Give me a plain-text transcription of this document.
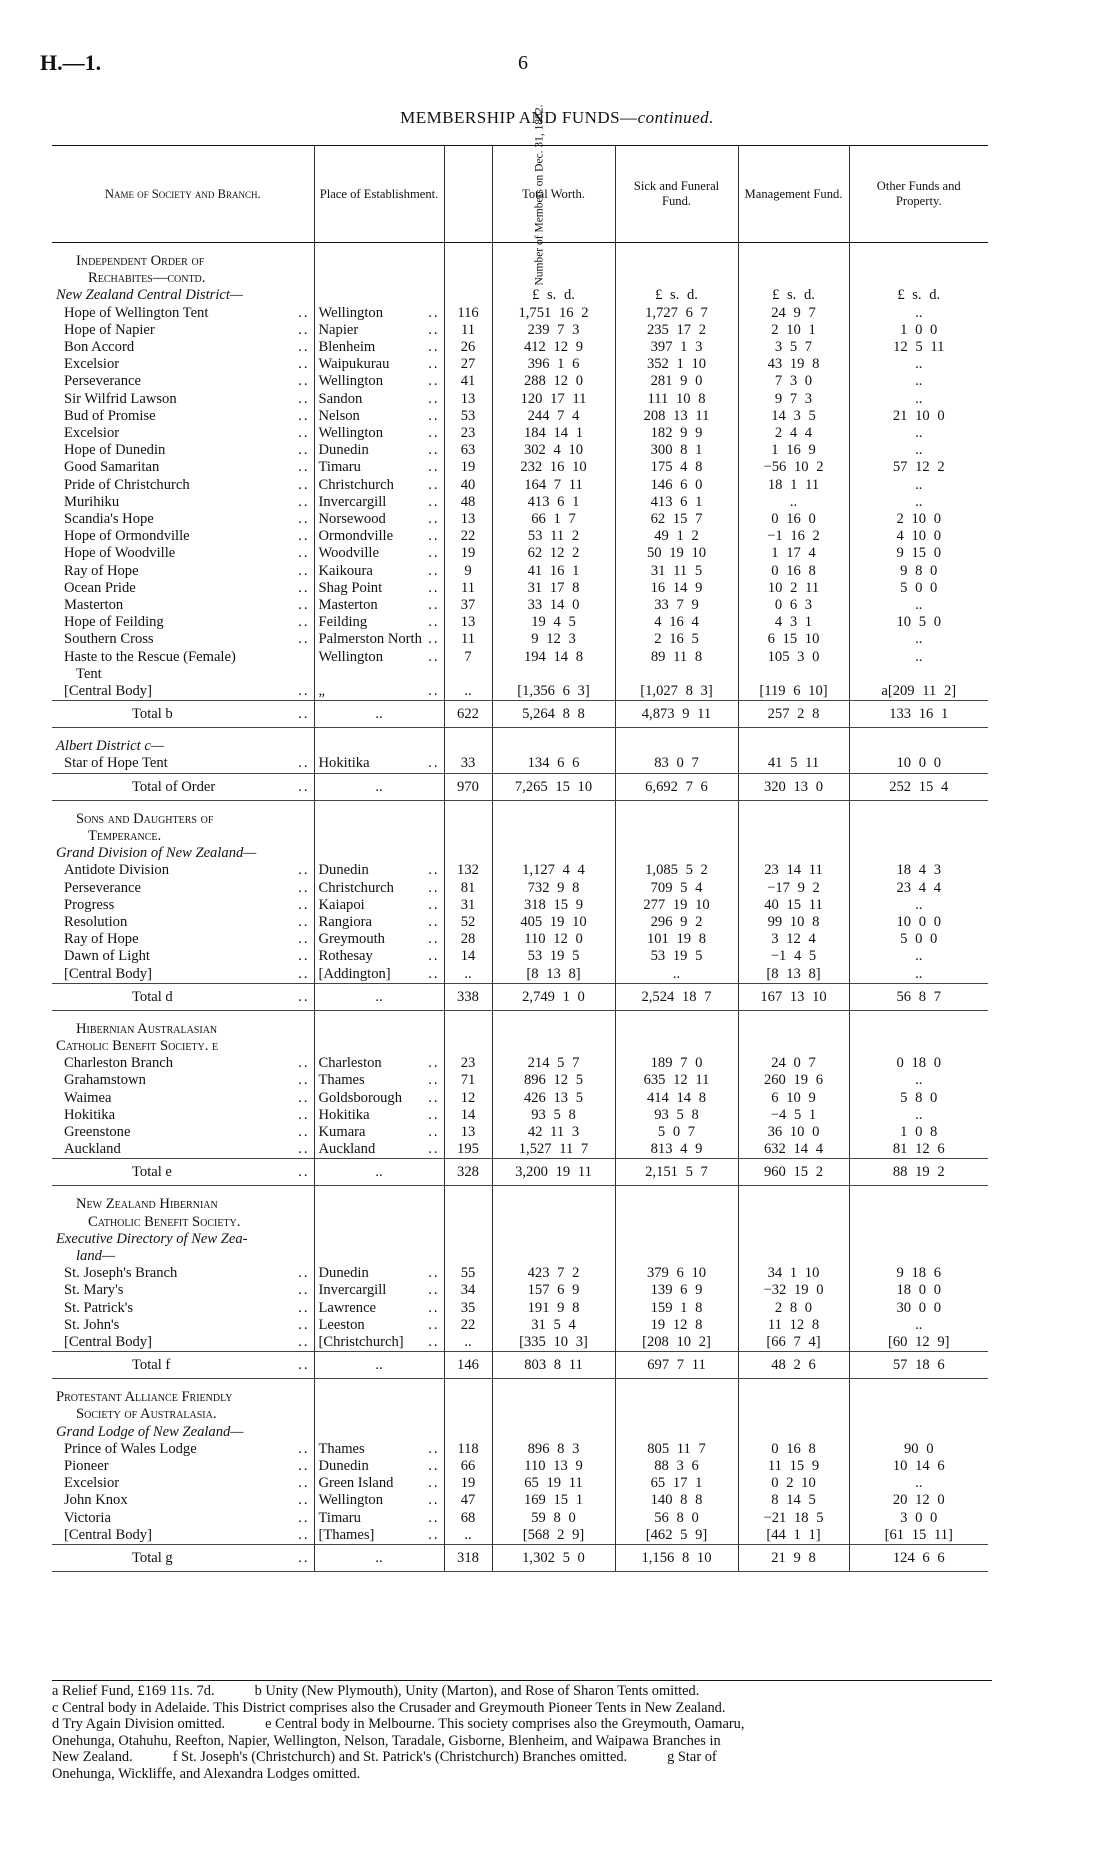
H.—1.	6
MEMBERSHIP AND FUNDS—continued.
Name of Society and Branch.	Place of Establishment.	Number of Members on Dec. 31, 1882.	Total Worth.	Sick and Funeral Fund.	Management Fund.	Other Funds and Property.

Independent Order of						
Rechabites—contd.						
New Zealand Central District—			£ s. d.	£ s. d.	£ s. d.	£ s. d.
Hope of Wellington Tent ..	Wellington ..	116	1,751 16 2	1,727 6 7	24 9 7	..
Hope of Napier ..	Napier ..	11	239 7 3	235 17 2	2 10 1	1 0 0
Bon Accord ..	Blenheim ..	26	412 12 9	397 1 3	3 5 7	12 5 11
Excelsior ..	Waipukurau ..	27	396 1 6	352 1 10	43 19 8	..
Perseverance ..	Wellington ..	41	288 12 0	281 9 0	7 3 0	..
Sir Wilfrid Lawson ..	Sandon ..	13	120 17 11	111 10 8	9 7 3	..
Bud of Promise ..	Nelson ..	53	244 7 4	208 13 11	14 3 5	21 10 0
Excelsior ..	Wellington ..	23	184 14 1	182 9 9	2 4 4	..
Hope of Dunedin ..	Dunedin ..	63	302 4 10	300 8 1	1 16 9	..
Good Samaritan ..	Timaru ..	19	232 16 10	175 4 8	−56 10 2	57 12 2
Pride of Christchurch ..	Christchurch ..	40	164 7 11	146 6 0	18 1 11	..
Murihiku ..	Invercargill ..	48	413 6 1	413 6 1	..	..
Scandia's Hope ..	Norsewood ..	13	66 1 7	62 15 7	0 16 0	2 10 0
Hope of Ormondville ..	Ormondville ..	22	53 11 2	49 1 2	−1 16 2	4 10 0
Hope of Woodville ..	Woodville ..	19	62 12 2	50 19 10	1 17 4	9 15 0
Ray of Hope ..	Kaikoura ..	9	41 16 1	31 11 5	0 16 8	9 8 0
Ocean Pride ..	Shag Point ..	11	31 17 8	16 14 9	10 2 11	5 0 0
Masterton ..	Masterton ..	37	33 14 0	33 7 9	0 6 3	..
Hope of Feilding ..	Feilding ..	13	19 4 5	4 16 4	4 3 1	10 5 0
Southern Cross ..	Palmerston North ..	11	9 12 3	2 16 5	6 15 10	..
Haste to the Rescue (Female)	Wellington ..	7	194 14 8	89 11 8	105 3 0	..
Tent						
[Central Body] ..	„ ..	..	[1,356 6 3]	[1,027 8 3]	[119 6 10]	a[209 11 2]
Total b ..	..	622	5,264 8 8	4,873 9 11	257 2 8	133 16 1

Albert District c—						
Star of Hope Tent ..	Hokitika ..	33	134 6 6	83 0 7	41 5 11	10 0 0
Total of Order ..	..	970	7,265 15 10	6,692 7 6	320 13 0	252 15 4

Sons and Daughters of						
Temperance.						
Grand Division of New Zealand—						
Antidote Division ..	Dunedin ..	132	1,127 4 4	1,085 5 2	23 14 11	18 4 3
Perseverance ..	Christchurch ..	81	732 9 8	709 5 4	−17 9 2	23 4 4
Progress ..	Kaiapoi ..	31	318 15 9	277 19 10	40 15 11	..
Resolution ..	Rangiora ..	52	405 19 10	296 9 2	99 10 8	10 0 0
Ray of Hope ..	Greymouth ..	28	110 12 0	101 19 8	3 12 4	5 0 0
Dawn of Light ..	Rothesay ..	14	53 19 5	53 19 5	−1 4 5	..
[Central Body] ..	[Addington] ..	..	[8 13 8]	..	[8 13 8]	..
Total d ..	..	338	2,749 1 0	2,524 18 7	167 13 10	56 8 7

Hibernian Australasian						
Catholic Benefit Society. e						
Charleston Branch ..	Charleston ..	23	214 5 7	189 7 0	24 0 7	0 18 0
Grahamstown ..	Thames ..	71	896 12 5	635 12 11	260 19 6	..
Waimea ..	Goldsborough ..	12	426 13 5	414 14 8	6 10 9	5 8 0
Hokitika ..	Hokitika ..	14	93 5 8	93 5 8	−4 5 1	..
Greenstone ..	Kumara ..	13	42 11 3	5 0 7	36 10 0	1 0 8
Auckland ..	Auckland ..	195	1,527 11 7	813 4 9	632 14 4	81 12 6
Total e ..	..	328	3,200 19 11	2,151 5 7	960 15 2	88 19 2

New Zealand Hibernian						
Catholic Benefit Society.						
Executive Directory of New Zea-						
land—						
St. Joseph's Branch ..	Dunedin ..	55	423 7 2	379 6 10	34 1 10	9 18 6
St. Mary's ..	Invercargill ..	34	157 6 9	139 6 9	−32 19 0	18 0 0
St. Patrick's ..	Lawrence ..	35	191 9 8	159 1 8	2 8 0	30 0 0
St. John's ..	Leeston ..	22	31 5 4	19 12 8	11 12 8	..
[Central Body] ..	[Christchurch] ..	..	[335 10 3]	[208 10 2]	[66 7 4]	[60 12 9]
Total f ..	..	146	803 8 11	697 7 11	48 2 6	57 18 6

Protestant Alliance Friendly						
Society of Australasia.						
Grand Lodge of New Zealand—						
Prince of Wales Lodge ..	Thames ..	118	896 8 3	805 11 7	0 16 8	90 0
Pioneer ..	Dunedin ..	66	110 13 9	88 3 6	11 15 9	10 14 6
Excelsior ..	Green Island ..	19	65 19 11	65 17 1	0 2 10	..
John Knox ..	Wellington ..	47	169 15 1	140 8 8	8 14 5	20 12 0
Victoria ..	Timaru ..	68	59 8 0	56 8 0	−21 18 5	3 0 0
[Central Body] ..	[Thames] ..	..	[568 2 9]	[462 5 9]	[44 1 1]	[61 15 11]
Total g ..	..	318	1,302 5 0	1,156 8 10	21 9 8	124 6 6
a Relief Fund, £169 11s. 7d.	b Unity (New Plymouth), Unity (Marton), and Rose of Sharon Tents omitted.
c Central body in Adelaide. This District comprises also the Crusader and Greymouth Pioneer Tents in New Zealand.
d Try Again Division omitted.	e Central body in Melbourne. This society comprises also the Greymouth, Oamaru,
Onehunga, Otahuhu, Reefton, Napier, Wellington, Nelson, Taradale, Gisborne, Blenheim, and Waipawa Branches in
New Zealand.	f St. Joseph's (Christchurch) and St. Patrick's (Christchurch) Branches omitted.	g Star of
Onehunga, Wickliffe, and Alexandra Lodges omitted.
